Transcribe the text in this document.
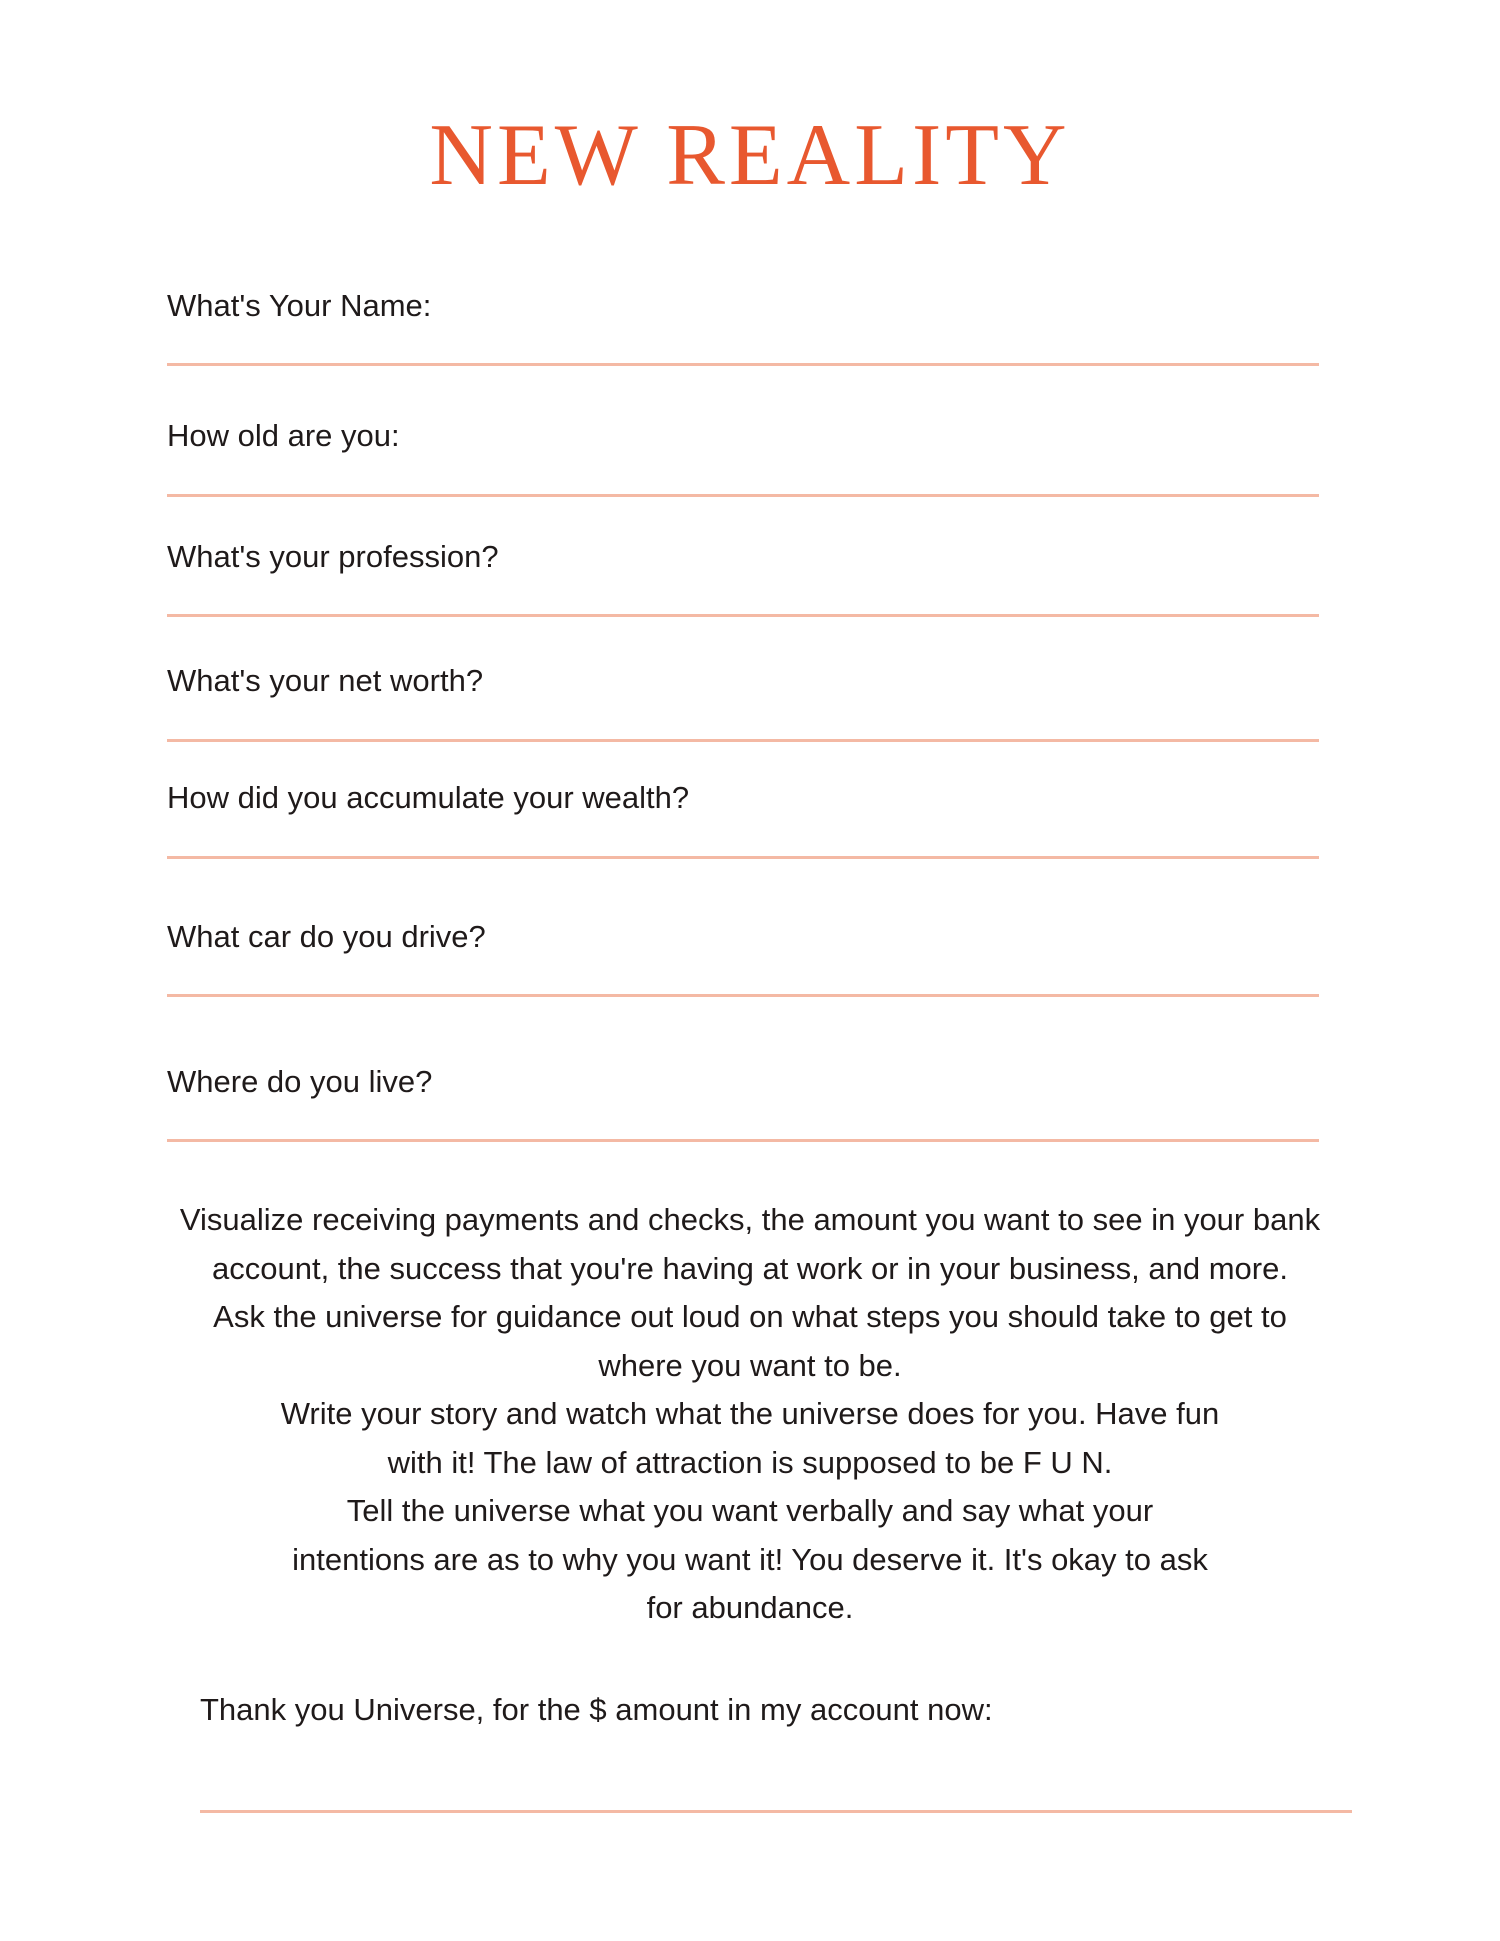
NEW REALITY
What's Your Name:
How old are you:
What's your profession?
What's your net worth?
How did you accumulate your wealth?
What car do you drive?
Where do you live?
Visualize receiving payments and checks, the amount you want to see in your bank
account, the success that you're having at work or in your business, and more.
Ask the universe for guidance out loud on what steps you should take to get to
where you want to be.
Write your story and watch what the universe does for you. Have fun
with it! The law of attraction is supposed to be F U N.
Tell the universe what you want verbally and say what your
intentions are as to why you want it! You deserve it. It's okay to ask
for abundance.
Thank you Universe, for the $ amount in my account now:
